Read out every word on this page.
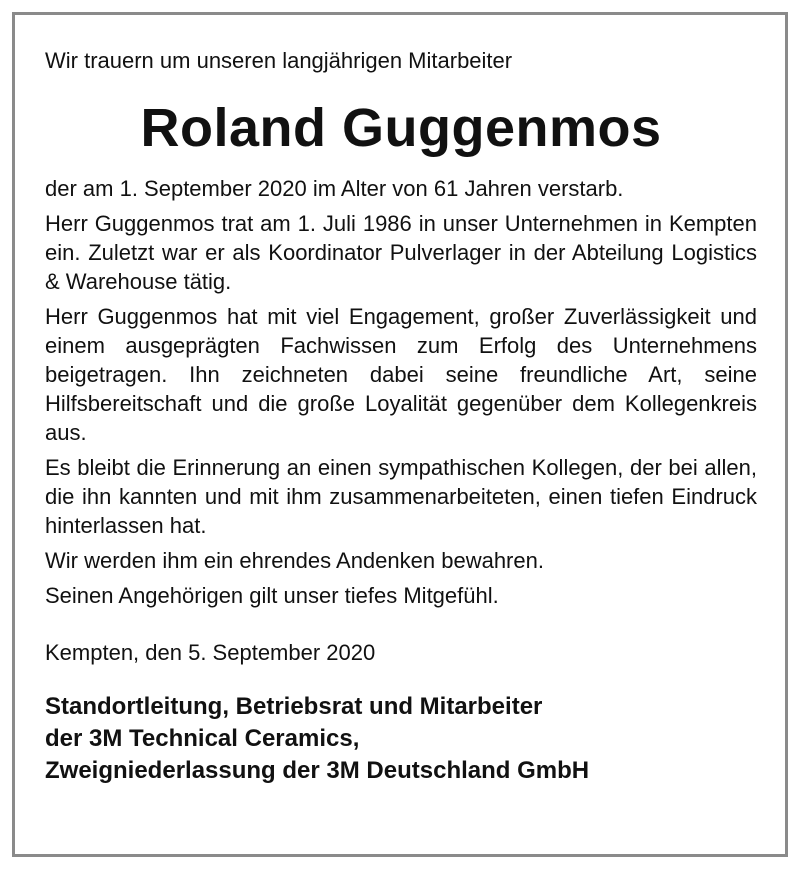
Wir trauern um unseren langjährigen Mitarbeiter

Roland Guggenmos

der am 1. September 2020 im Alter von 61 Jahren verstarb.

Herr Guggenmos trat am 1. Juli 1986 in unser Unternehmen in Kempten ein. Zuletzt war er als Koordinator Pulverlager in der Abteilung Logistics & Warehouse tätig.

Herr Guggenmos hat mit viel Engagement, großer Zuverlässigkeit und einem ausgeprägten Fachwissen zum Erfolg des Unternehmens beigetragen. Ihn zeichneten dabei seine freundliche Art, seine Hilfsbereitschaft und die große Loyalität gegenüber dem Kollegenkreis aus.

Es bleibt die Erinnerung an einen sympathischen Kollegen, der bei allen, die ihn kannten und mit ihm zusammenarbeiteten, einen tiefen Eindruck hinterlassen hat.

Wir werden ihm ein ehrendes Andenken bewahren.

Seinen Angehörigen gilt unser tiefes Mitgefühl.

Kempten, den 5. September 2020

Standortleitung, Betriebsrat und Mitarbeiter
der 3M Technical Ceramics,
Zweigniederlassung der 3M Deutschland GmbH
